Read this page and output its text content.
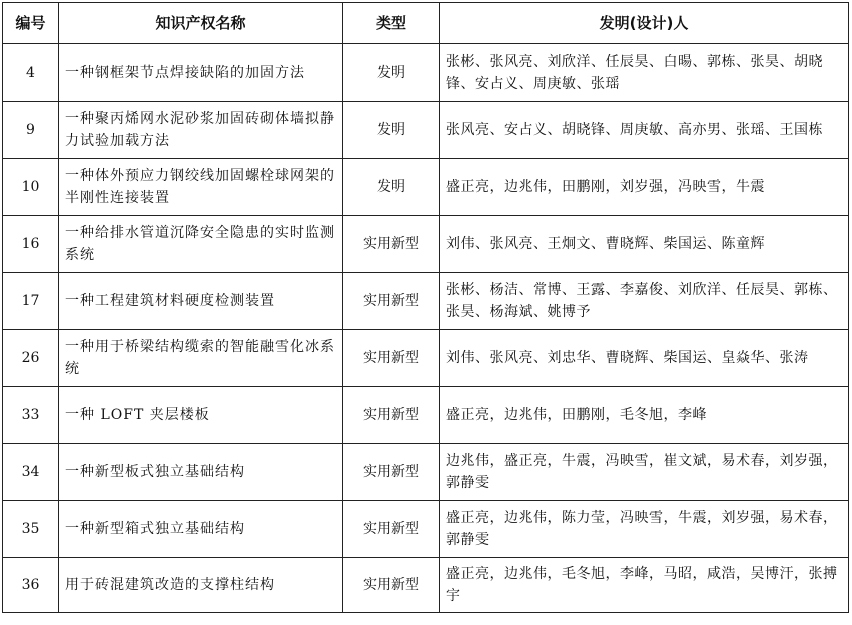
编号	知识产权名称	类型	发明(设计)人
4	一种钢框架节点焊接缺陷的加固方法	发明	张彬、张风亮、刘欣洋、任辰昊、白暘、郭栋、张昊、胡晓锋、安占义、周庚敏、张瑶
9	一种聚丙烯网水泥砂浆加固砖砌体墙拟静力试验加载方法	发明	张风亮、安占义、胡晓锋、周庚敏、高亦男、张瑶、王国栋
10	一种体外预应力钢绞线加固螺栓球网架的半刚性连接装置	发明	盛正亮，边兆伟，田鹏刚，刘岁强，冯映雪，牛震
16	一种给排水管道沉降安全隐患的实时监测系统	实用新型	刘伟、张风亮、王炯文、曹晓辉、柴国运、陈童辉
17	一种工程建筑材料硬度检测装置	实用新型	张彬、杨洁、常博、王露、李嘉俊、刘欣洋、任辰昊、郭栋、张昊、杨海斌、姚博予
26	一种用于桥梁结构缆索的智能融雪化冰系统	实用新型	刘伟、张风亮、刘忠华、曹晓辉、柴国运、皇焱华、张涛
33	一种 LOFT 夹层楼板	实用新型	盛正亮，边兆伟，田鹏刚，毛冬旭，李峰
34	一种新型板式独立基础结构	实用新型	边兆伟，盛正亮，牛震，冯映雪，崔文斌，易术春，刘岁强，郭静雯
35	一种新型箱式独立基础结构	实用新型	盛正亮，边兆伟，陈力莹，冯映雪，牛震，刘岁强，易术春，郭静雯
36	用于砖混建筑改造的支撑柱结构	实用新型	盛正亮，边兆伟，毛冬旭，李峰，马昭，咸浩，吴博汗，张搏宇
